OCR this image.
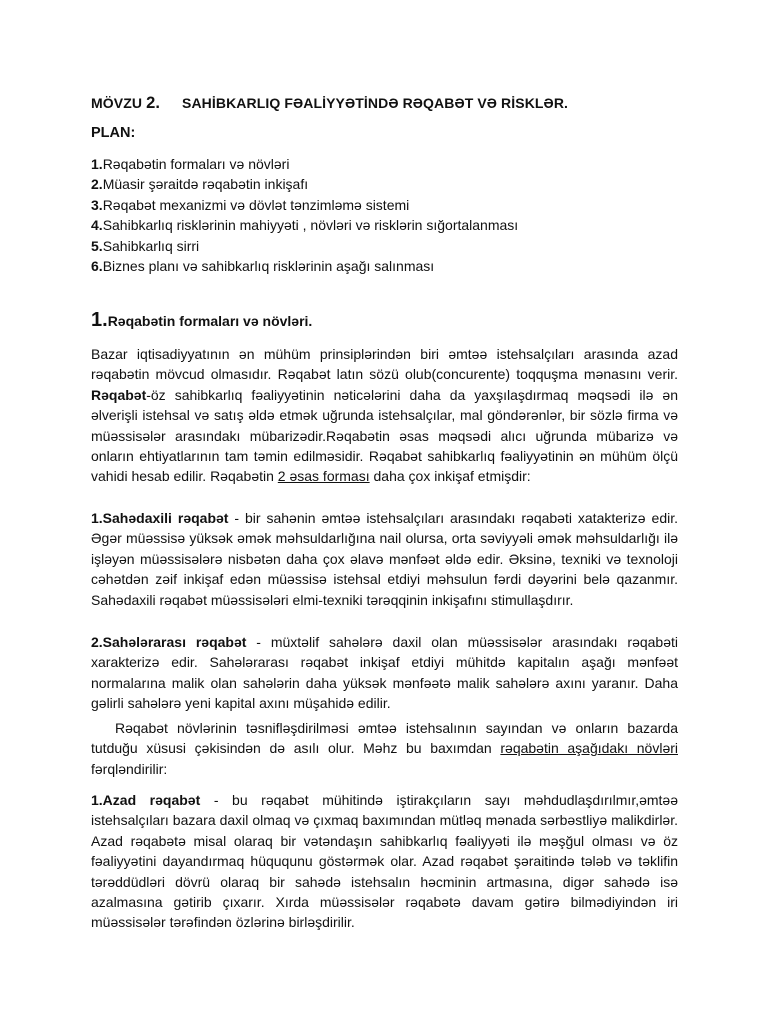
MÖVZU 2. SAHİBKARLIQ FƏALİYYƏTİNDƏ RƏQABƏT VƏ RİSKLƏR.
PLAN:
1.Rəqabətin formaları və növləri
2.Müasir şəraitdə rəqabətin inkişafı
3.Rəqabət mexanizmi və dövlət tənzimləmə sistemi
4.Sahibkarlıq risklərinin mahiyyəti , növləri və risklərin sığortalanması
5.Sahibkarlıq sirri
6.Biznes planı və sahibkarlıq risklərinin aşağı salınması
1.Rəqabətin formaları və növləri.

Bazar iqtisadiyyatının ən mühüm prinsiplərindən biri əmtəə istehsalçıları arasında azad rəqabətin mövcud olmasıdır. Rəqabət latın sözü olub(concurente) toqquşma mənasını verir. Rəqabət-öz sahibkarlıq fəaliyyətinin nəticələrini daha da yaxşılaşdırmaq məqsədi ilə ən əlverişli istehsal və satış əldə etmək uğrunda istehsalçılar, mal göndərənlər, bir sözlə firma və müəssisələr arasındakı mübarizədir.Rəqabətin əsas məqsədi alıcı uğrunda mübarizə və onların ehtiyatlarının tam təmin edilməsidir. Rəqabət sahibkarlıq fəaliyyətinin ən mühüm ölçü vahidi hesab edilir. Rəqabətin 2 əsas forması daha çox inkişaf etmişdir:

1.Sahədaxili rəqabət - bir sahənin əmtəə istehsalçıları arasındakı rəqabəti xatakterizə edir. Əgər müəssisə yüksək əmək məhsuldarlığına nail olursa, orta səviyyəli əmək məhsuldarlığı ilə işləyən müəssisələrə nisbətən daha çox əlavə mənfəət əldə edir. Əksinə, texniki və texnoloji cəhətdən zəif inkişaf edən müəssisə istehsal etdiyi məhsulun fərdi dəyərini belə qazanmır. Sahədaxili rəqabət müəssisələri elmi-texniki tərəqqinin inkişafını stimullaşdırır.

2.Sahələrarası rəqabət - müxtəlif sahələrə daxil olan müəssisələr arasındakı rəqabəti xarakterizə edir. Sahələrarası rəqabət inkişaf etdiyi mühitdə kapitalın aşağı mənfəət normalarına malik olan sahələrin daha yüksək mənfəətə malik sahələrə axını yaranır. Daha gəlirli sahələrə yeni kapital axını müşahidə edilir.

Rəqabət növlərinin təsnifləşdirilməsi əmtəə istehsalının sayından və onların bazarda tutduğu xüsusi çəkisindən də asılı olur. Məhz bu baxımdan rəqabətin aşağıdakı növləri fərqləndirilir:

1.Azad rəqabət - bu rəqabət mühitində iştirakçıların sayı məhdudlaşdırılmır,əmtəə istehsalçıları bazara daxil olmaq və çıxmaq baxımından mütləq mənada sərbəstliyə malikdirlər. Azad rəqabətə misal olaraq bir vətəndaşın sahibkarlıq fəaliyyəti ilə məşğul olması və öz fəaliyyətini dayandırmaq hüququnu göstərmək olar. Azad rəqabət şəraitində tələb və təklifin tərəddüdləri dövrü olaraq bir sahədə istehsalın həcminin artmasına, digər sahədə isə azalmasına gətirib çıxarır. Xırda müəssisələr rəqabətə davam gətirə bilmədiyindən iri müəssisələr tərəfindən özlərinə birləşdirilir.
